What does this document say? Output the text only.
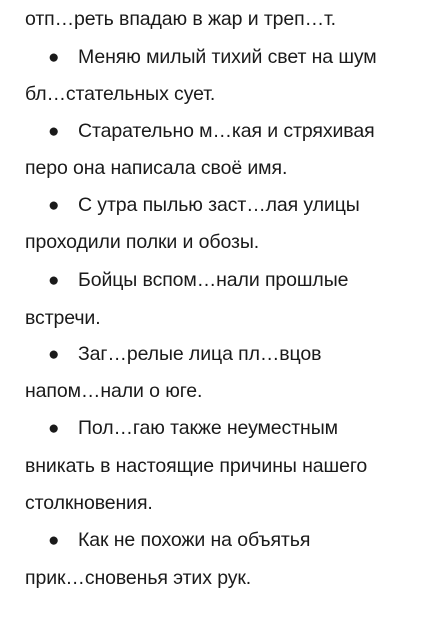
отп…реть впадаю в жар и треп…т.
● Меняю милый тихий свет на шум
бл…стательных сует.
● Старательно м…кая и стряхивая
перо она написала своё имя.
● С утра пылью заст…лая улицы
проходили полки и обозы.
● Бойцы вспом…нали прошлые
встречи.
● Заг…релые лица пл…вцов
напом…нали о юге.
● Пол…гаю также неуместным
вникать в настоящие причины нашего
столкновения.
● Как не похожи на объятья
прик…сновенья этих рук.
